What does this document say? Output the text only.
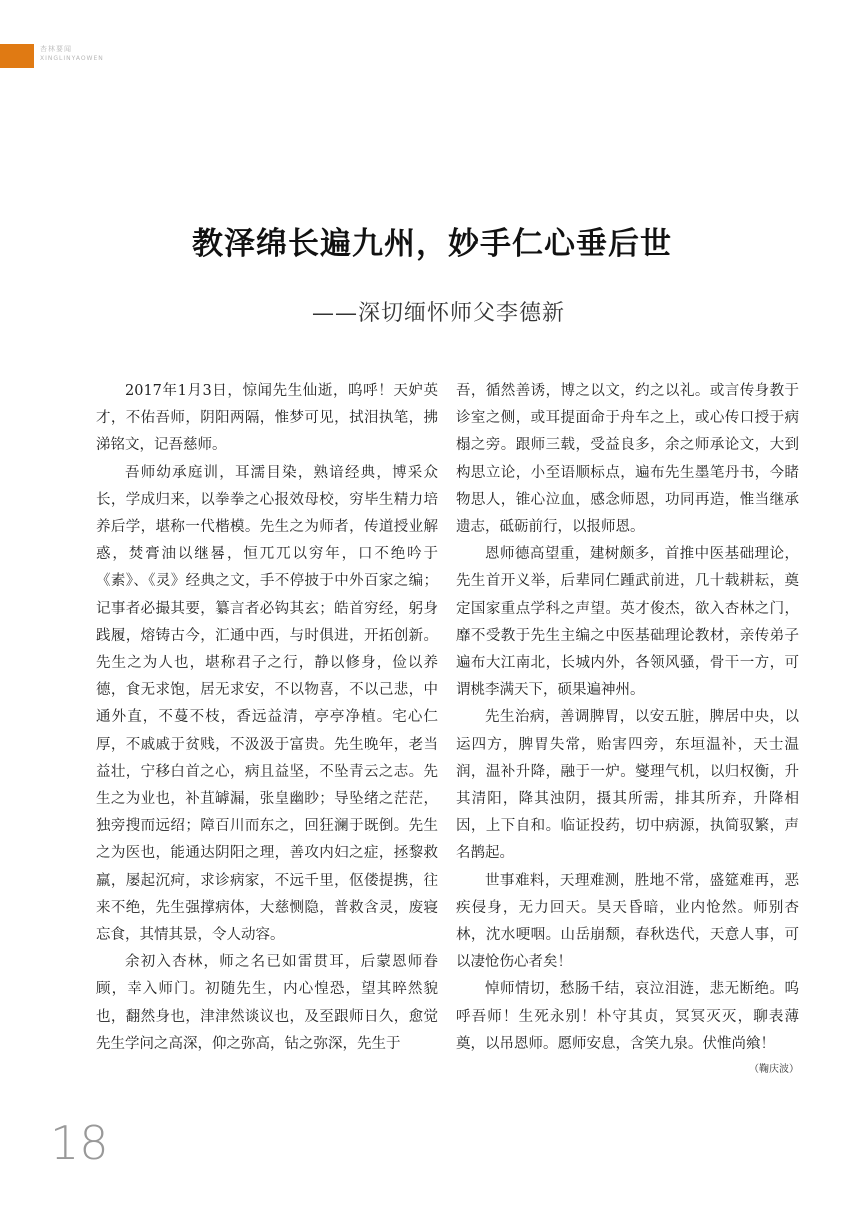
杏林要闻
XINGLINYAOWEN
教泽绵长遍九州，妙手仁心垂后世
——深切缅怀师父李德新

2017年1月3日，惊闻先生仙逝，呜呼！天妒英才，不佑吾师，阴阳两隔，惟梦可见，拭泪执笔，拂涕铭文，记吾慈师。

吾师幼承庭训，耳濡目染，熟谙经典，博采众长，学成归来，以拳拳之心报效母校，穷毕生精力培养后学，堪称一代楷模。先生之为师者，传道授业解惑，焚膏油以继晷，恒兀兀以穷年，口不绝吟于《素》、《灵》经典之文，手不停披于中外百家之编；记事者必撮其要，纂言者必钩其玄；皓首穷经，躬身践履，熔铸古今，汇通中西，与时俱进，开拓创新。先生之为人也，堪称君子之行，静以修身，俭以养德，食无求饱，居无求安，不以物喜，不以己悲，中通外直，不蔓不枝，香远益清，亭亭净植。宅心仁厚，不戚戚于贫贱，不汲汲于富贵。先生晚年，老当益壮，宁移白首之心，病且益坚，不坠青云之志。先生之为业也，补苴罅漏，张皇幽眇；导坠绪之茫茫，独旁搜而远绍；障百川而东之，回狂澜于既倒。先生之为医也，能通达阴阳之理，善攻内妇之症，拯黎救羸，屡起沉疴，求诊病家，不远千里，伛偻提携，往来不绝，先生强撑病体，大慈恻隐，普救含灵，废寝忘食，其情其景，令人动容。

余初入杏林，师之名已如雷贯耳，后蒙恩师眷顾，幸入师门。初随先生，内心惶恐，望其晬然貌也，翻然身也，津津然谈议也，及至跟师日久，愈觉先生学问之高深，仰之弥高，钻之弥深，先生于

吾，循然善诱，博之以文，约之以礼。或言传身教于诊室之侧，或耳提面命于舟车之上，或心传口授于病榻之旁。跟师三载，受益良多，余之师承论文，大到构思立论，小至语顺标点，遍布先生墨笔丹书，今睹物思人，锥心泣血，感念师恩，功同再造，惟当继承遗志，砥砺前行，以报师恩。

恩师德高望重，建树颇多，首推中医基础理论，先生首开义举，后辈同仁踵武前进，几十载耕耘，奠定国家重点学科之声望。英才俊杰，欲入杏林之门，靡不受教于先生主编之中医基础理论教材，亲传弟子遍布大江南北，长城内外，各领风骚，骨干一方，可谓桃李满天下，硕果遍神州。

先生治病，善调脾胃，以安五脏，脾居中央，以运四方，脾胃失常，贻害四旁，东垣温补，天士温润，温补升降，融于一炉。燮理气机，以归权衡，升其清阳，降其浊阴，摄其所需，排其所弃，升降相因，上下自和。临证投药，切中病源，执简驭繁，声名鹊起。

世事难料，天理难测，胜地不常，盛筵难再，恶疾侵身，无力回天。昊天昏暗，业内怆然。师别杏林，沈水哽咽。山岳崩颓，春秋迭代，天意人事，可以凄怆伤心者矣！

悼师情切，愁肠千结，哀泣泪涟，悲无断绝。呜呼吾师！生死永别！朴守其贞，冥冥灭灭，聊表薄奠，以吊恩师。愿师安息，含笑九泉。伏惟尚飨！

（鞠庆波）
18
